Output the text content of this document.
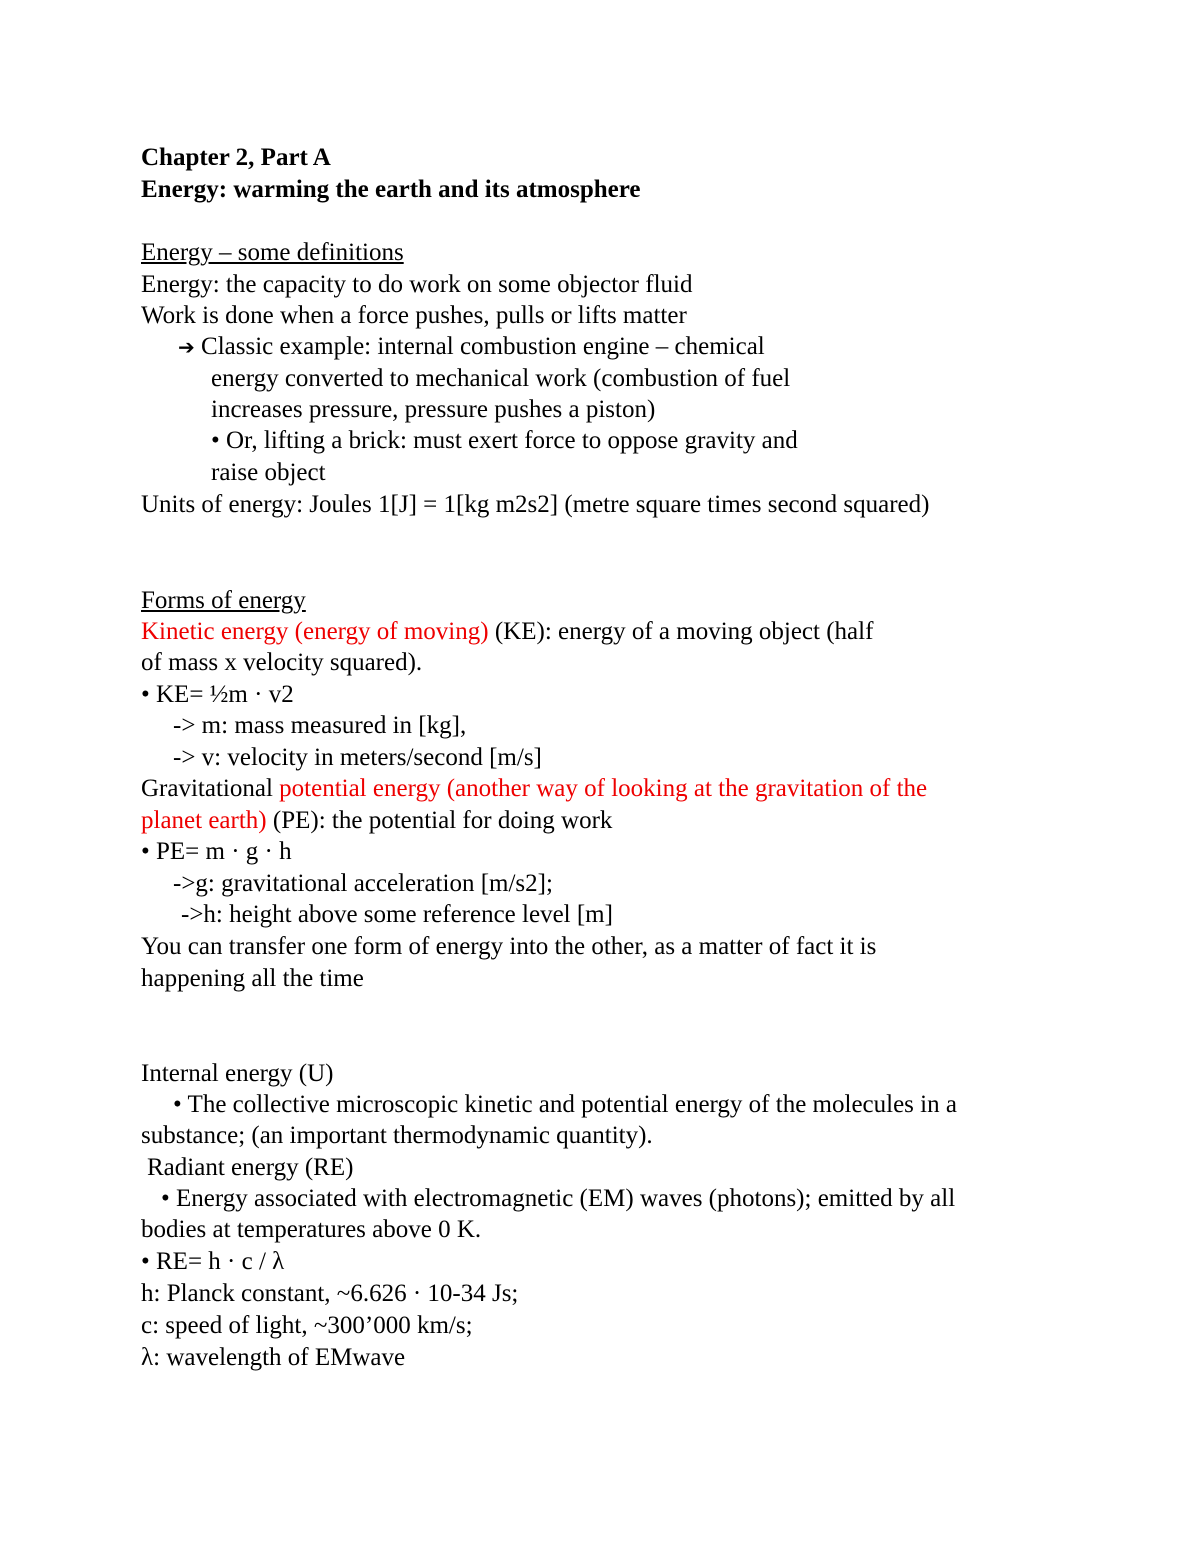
Chapter 2, Part A
Energy: warming the earth and its atmosphere
Energy – some definitions
Energy: the capacity to do work on some objector fluid
Work is done when a force pushes, pulls or lifts matter
➔ Classic example: internal combustion engine – chemical
energy converted to mechanical work (combustion of fuel
increases pressure, pressure pushes a piston)
• Or, lifting a brick: must exert force to oppose gravity and
raise object
Units of energy: Joules 1[J] = 1[kg m2s2] (metre square times second squared)
Forms of energy
Kinetic energy (energy of moving) (KE): energy of a moving object (half
of mass x velocity squared).
• KE= ½m · v2
-> m: mass measured in [kg],
-> v: velocity in meters/second [m/s]
Gravitational potential energy (another way of looking at the gravitation of the
planet earth) (PE): the potential for doing work
• PE= m · g · h
->g: gravitational acceleration [m/s2];
->h: height above some reference level [m]
You can transfer one form of energy into the other, as a matter of fact it is
happening all the time
Internal energy (U)
• The collective microscopic kinetic and potential energy of the molecules in a
substance; (an important thermodynamic quantity).
Radiant energy (RE)
• Energy associated with electromagnetic (EM) waves (photons); emitted by all
bodies at temperatures above 0 K.
• RE= h · c / λ
h: Planck constant, ~6.626 · 10-34 Js;
c: speed of light, ~300’000 km/s;
λ: wavelength of EMwave
